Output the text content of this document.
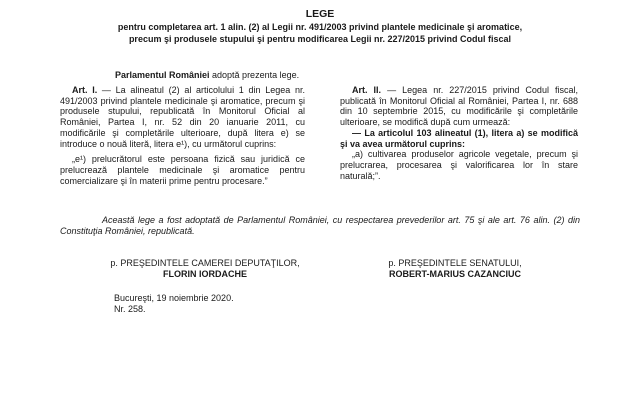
LEGE
pentru completarea art. 1 alin. (2) al Legii nr. 491/2003 privind plantele medicinale şi aromatice,
precum şi produsele stupului şi pentru modificarea Legii nr. 227/2015 privind Codul fiscal
Parlamentul României adoptă prezenta lege.

Art. I. — La alineatul (2) al articolului 1 din Legea nr. 491/2003 privind plantele medicinale şi aromatice, precum şi produsele stupului, republicată în Monitorul Oficial al României, Partea I, nr. 52 din 20 ianuarie 2011, cu modificările şi completările ulterioare, după litera e) se introduce o nouă literă, litera e¹), cu următorul cuprins:

„e¹) prelucrătorul este persoana fizică sau juridică ce prelucrează plantele medicinale şi aromatice pentru comercializare şi în materii prime pentru procesare.”

Art. II. — Legea nr. 227/2015 privind Codul fiscal, publicată în Monitorul Oficial al României, Partea I, nr. 688 din 10 septembrie 2015, cu modificările şi completările ulterioare, se modifică după cum urmează:

— La articolul 103 alineatul (1), litera a) se modifică şi va avea următorul cuprins:

„a) cultivarea produselor agricole vegetale, precum şi prelucrarea, procesarea şi valorificarea lor în stare naturală;”.

Această lege a fost adoptată de Parlamentul României, cu respectarea prevederilor art. 75 şi ale art. 76 alin. (2) din Constituţia României, republicată.
p. PREŞEDINTELE CAMEREI DEPUTAŢILOR,
FLORIN IORDACHE
p. PREŞEDINTELE SENATULUI,
ROBERT-MARIUS CAZANCIUC
Bucureşti, 19 noiembrie 2020.
Nr. 258.
